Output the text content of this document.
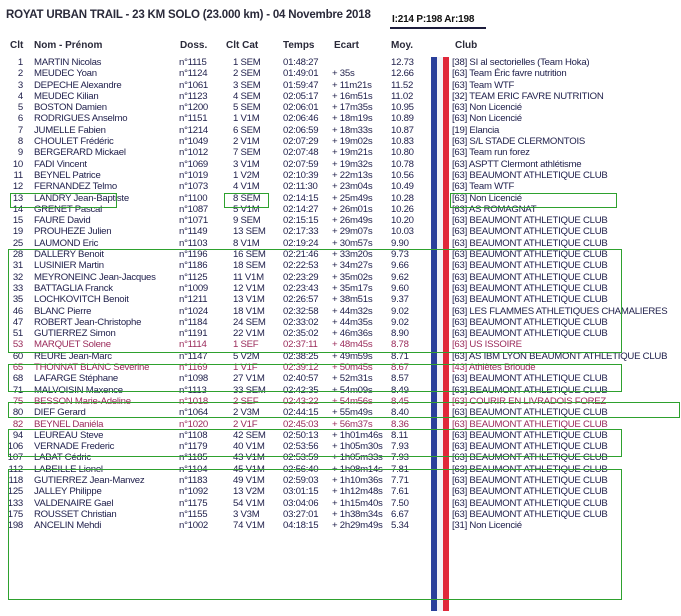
ROYAT URBAN TRAIL - 23 KM SOLO (23.000 km) - 04 Novembre 2018 I:214 P:198 Ar:198
Clt Nom - Prénom	Doss. Clt Cat Temps Ecart	Moy.	Club
1 MARTIN Nicolas	n°1115	1 SEM 01:48:27	12.73	[38] SI al sectorielles (Team Hoka)
2 MEUDEC Yoan	n°1124	2 SEM 01:49:01 + 35s	12.66	[63] Team Éric favre nutrition
3 DEPECHE Alexandre	n°1061	3 SEM 01:59:47 + 11m21s 11.52	[63] Team WTF
4 MEUDEC Kilian	n°1123	4 SEM 02:05:17 + 16m51s 11.02	[32] TEAM ERIC FAVRE NUTRITION
5 BOSTON Damien	n°1200	5 SEM 02:06:01 + 17m35s 10.95	[63] Non Licencié
6 RODRIGUES Anselmo	n°1151	1 V1M 02:06:46 + 18m19s 10.89	[63] Non Licencié
7 JUMELLE Fabien	n°1214	6 SEM 02:06:59 + 18m33s 10.87	[19] Elancia
8 CHOULET Frédéric	n°1049	2 V1M 02:07:29 + 19m02s 10.83	[63] S/L STADE CLERMONTOIS
9 BERGERARD Mickael	n°1012	7 SEM 02:07:48 + 19m21s 10.80	[63] Team run forez
10 FADI Vincent	n°1069	3 V1M 02:07:59 + 19m32s 10.78	[63] ASPTT Clermont athlétisme
11 BEYNEL Patrice	n°1019	1 V2M 02:10:39 + 22m13s 10.56	[63] BEAUMONT ATHLETIQUE CLUB
12 FERNANDEZ Telmo	n°1073	4 V1M 02:11:30 + 23m04s 10.49	[63] Team WTF
13 LANDRY Jean-Baptiste	n°1100	8 SEM 02:14:15 + 25m49s 10.28	[63] Non Licencié
14 GRENET Pascal	n°1087	5 V1M 02:14:27 + 26m01s 10.26	[63] AS ROMAGNAT
15 FAURE David	n°1071	9 SEM 02:15:15 + 26m49s 10.20	[63] BEAUMONT ATHLETIQUE CLUB
19 PROUHEZE Julien	n°1149	13 SEM 02:17:33 + 29m07s 10.03	[63] BEAUMONT ATHLETIQUE CLUB
25 LAUMOND Eric	n°1103	8 V1M 02:19:24 + 30m57s 9.90	[63] BEAUMONT ATHLETIQUE CLUB
28 DALLERY Benoit	n°1196	16 SEM 02:21:46 + 33m20s 9.73	[63] BEAUMONT ATHLETIQUE CLUB
31 LUSINIER Martin	n°1186	18 SEM 02:22:53 + 34m27s 9.66	[63] BEAUMONT ATHLETIQUE CLUB
32 MEYRONEINC Jean-Jacques n°1125	11 V1M 02:23:29 + 35m02s 9.62	[63] BEAUMONT ATHLETIQUE CLUB
33 BATTAGLIA Franck	n°1009	12 V1M 02:23:43 + 35m17s 9.60	[63] BEAUMONT ATHLETIQUE CLUB
35 LOCHKOVITCH Benoit	n°1211	13 V1M 02:26:57 + 38m51s 9.37	[63] BEAUMONT ATHLETIQUE CLUB
46 BLANC Pierre	n°1024	18 V1M 02:32:58 + 44m32s 9.02	[63] LES FLAMMES ATHLETIQUES CHAMALIERES
47 ROBERT Jean-Christophe	n°1184	24 SEM 02:33:02 + 44m35s 9.02	[63] BEAUMONT ATHLETIQUE CLUB
51 GUTIERREZ Simon	n°1191	22 V1M 02:35:02 + 46m36s 8.90	[63] BEAUMONT ATHLETIQUE CLUB
53 MARQUET Solene	n°1114	1 SEF	02:37:11 + 48m45s 8.78	[63] US ISSOIRE
60 REURE Jean-Marc	n°1147	5 V2M 02:38:25 + 49m59s 8.71	[63] AS IBM LYON BEAUMONT ATHLETIQUE CLUB
65 THONNAT BLANC Severine	n°1169	1 V1F	02:39:12 + 50m45s 8.67	[43] Athlètes Brioude
68 LAFARGE Stéphane	n°1098	27 V1M 02:40:57 + 52m31s 8.57	[63] BEAUMONT ATHLETIQUE CLUB
71 MALVOISIN Maxence	n°1113	33 SEM 02:42:35 + 54m09s 8.49	[63] BEAUMONT ATHLETIQUE CLUB
75 BESSON Marie-Adeline	n°1018	2 SEF	02:43:22 + 54m56s 8.45	[63] COURIR EN LIVRADOIS FOREZ
80 DIEF Gerard	n°1064	2 V3M 02:44:15 + 55m49s 8.40	[63] BEAUMONT ATHLETIQUE CLUB
82 BEYNEL Daniéla	n°1020	2 V1F	02:45:03 + 56m37s 8.36	[63] BEAUMONT ATHLETIQUE CLUB
94 LEUREAU Steve	n°1108	42 SEM 02:50:13 + 1h01m46s 8.11	[63] BEAUMONT ATHLETIQUE CLUB
106 VERNADE Frederic	n°1179	40 V1M 02:53:56 + 1h05m30s 7.93	[63] BEAUMONT ATHLETIQUE CLUB
107 LABAT Cédric	n°1185	43 V1M 02:53:59 + 1h05m33s 7.93	[63] BEAUMONT ATHLETIQUE CLUB
112 LABEILLE Lionel	n°1104	45 V1M 02:56:40 + 1h08m14s 7.81	[63] BEAUMONT ATHLETIQUE CLUB
118 GUTIERREZ Jean-Manvez	n°1183	49 V1M 02:59:03 + 1h10m36s 7.71	[63] BEAUMONT ATHLETIQUE CLUB
125 JALLEY Philippe	n°1092	13 V2M 03:01:15 + 1h12m48s 7.61	[63] BEAUMONT ATHLETIQUE CLUB
133 VALDENAIRE Gael	n°1175	54 V1M 03:04:06 + 1h15m40s 7.50	[63] BEAUMONT ATHLETIQUE CLUB
175 ROUSSET Christian	n°1155	3 V3M 03:27:01 + 1h38m34s 6.67	[63] BEAUMONT ATHLETIQUE CLUB
198 ANCELIN Mehdi	n°1002	74 V1M 04:18:15 + 2h29m49s 5.34	[31] Non Licencié
